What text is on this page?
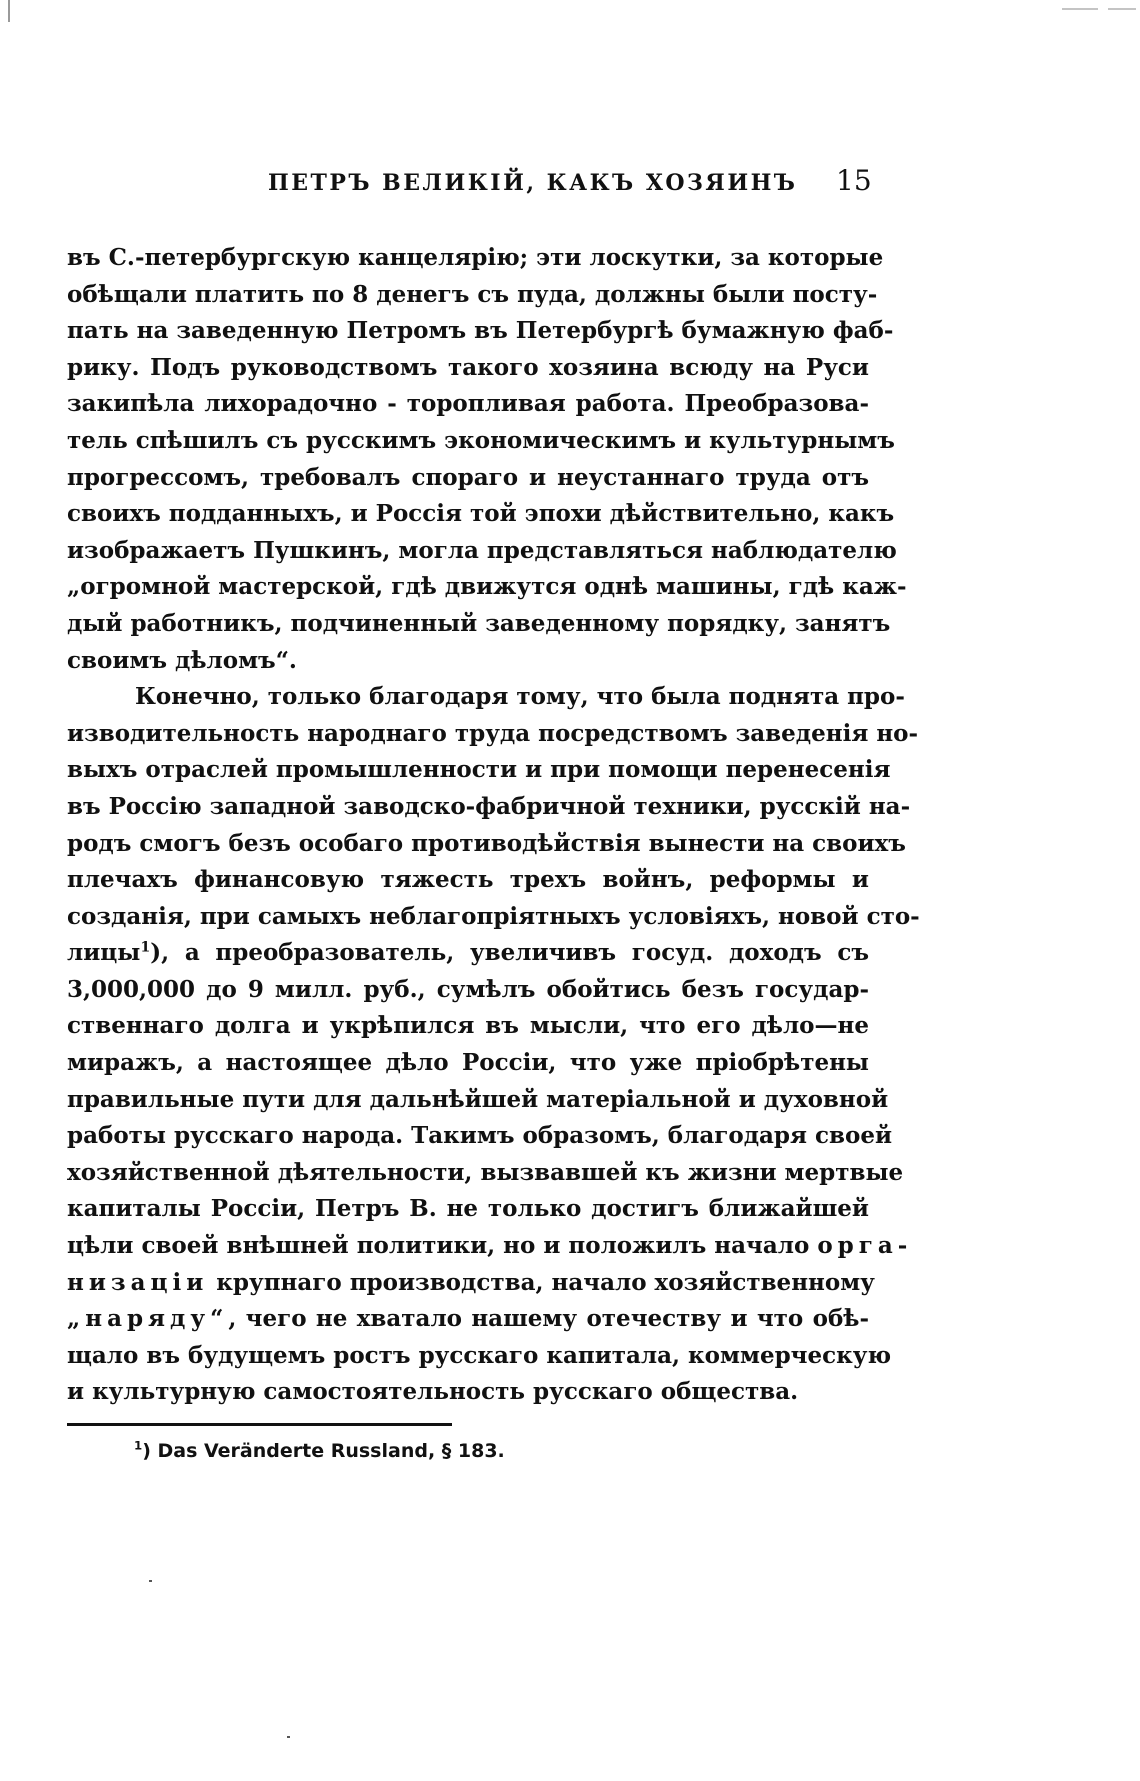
ПЕТРЪ ВЕЛИКІЙ, КАКЪ ХОЗЯИНЪ 15
въ С.-петербургскую канцелярію; эти лоскутки, за которые
обѣщали платить по 8 денегъ съ пуда, должны были посту-
пать на заведенную Петромъ въ Петербургѣ бумажную фаб-
рику. Подъ руководствомъ такого хозяина всюду на Руси
закипѣла лихорадочно - торопливая работа. Преобразова-
тель спѣшилъ съ русскимъ экономическимъ и культурнымъ
прогрессомъ, требовалъ спораго и неустаннаго труда отъ
своихъ подданныхъ, и Россія той эпохи дѣйствительно, какъ
изображаетъ Пушкинъ, могла представляться наблюдателю
„огромной мастерской, гдѣ движутся однѣ машины, гдѣ каж-
дый работникъ, подчиненный заведенному порядку, занятъ
своимъ дѣломъ“.
Конечно, только благодаря тому, что была поднята про-
изводительность народнаго труда посредствомъ заведенія но-
выхъ отраслей промышленности и при помощи перенесенія
въ Россію западной заводско-фабричной техники, русскій на-
родъ смогъ безъ особаго противодѣйствія вынести на своихъ
плечахъ финансовую тяжесть трехъ войнъ, реформы и
созданія, при самыхъ неблагопріятныхъ условіяхъ, новой сто-
лицы$^1$), а преобразователь, увеличивъ госуд. доходъ съ
3,000,000 до 9 милл. руб., сумѣлъ обойтись безъ государ-
ственнаго долга и укрѣпился въ мысли, что его дѣло—не
миражъ, а настоящее дѣло Россіи, что уже пріобрѣтены
правильные пути для дальнѣйшей матеріальной и духовной
работы русскаго народа. Такимъ образомъ, благодаря своей
хозяйственной дѣятельности, вызвавшей къ жизни мертвые
капиталы Россіи, Петръ В. не только достигъ ближайшей
цѣли своей внѣшней политики, но и положилъ начало орга-
низаціи крупнаго производства, начало хозяйственному
„наряду“, чего не хватало нашему отечеству и что обѣ-
щало въ будущемъ ростъ русскаго капитала, коммерческую
и культурную самостоятельность русскаго общества.
$^1$) Das Veränderte Russland, § 183.
